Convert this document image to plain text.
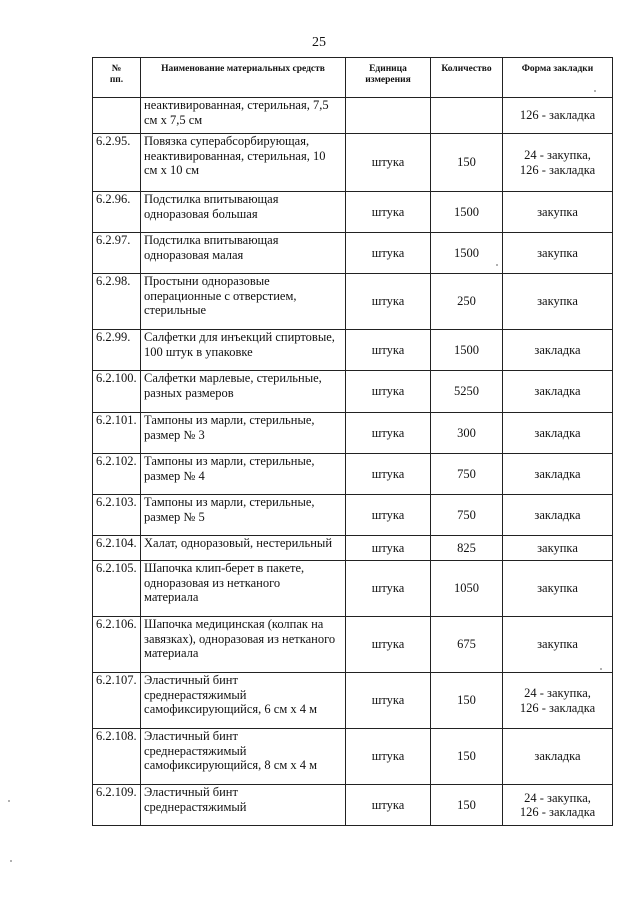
25
№
пп.	Наименование материальных средств	Единица
измерения	Количество	Форма закладки

	неактивированная, стерильная, 7,5
см х 7,5 см			126 - закладка

6.2.95.	Повязка суперабсорбирующая,
неактивированная, стерильная, 10
см х 10 см	штука	150	24 - закупка,
126 - закладка

6.2.96.	Подстилка впитывающая
одноразовая большая	штука	1500	закупка

6.2.97.	Подстилка впитывающая
одноразовая малая	штука	1500	закупка

6.2.98.	Простыни одноразовые
операционные с отверстием,
стерильные	штука	250	закупка

6.2.99.	Салфетки для инъекций спиртовые,
100 штук в упаковке	штука	1500	закладка

6.2.100.	Салфетки марлевые, стерильные,
разных размеров	штука	5250	закладка

6.2.101.	Тампоны из марли, стерильные,
размер № 3	штука	300	закладка

6.2.102.	Тампоны из марли, стерильные,
размер № 4	штука	750	закладка

6.2.103.	Тампоны из марли, стерильные,
размер № 5	штука	750	закладка

6.2.104.	Халат, одноразовый, нестерильный	штука	825	закупка

6.2.105.	Шапочка клип-берет в пакете,
одноразовая из нетканого
материала	штука	1050	закупка

6.2.106.	Шапочка медицинская (колпак на
завязках), одноразовая из нетканого
материала	штука	675	закупка

6.2.107.	Эластичный бинт
среднерастяжимый
самофиксирующийся, 6 см х 4 м	штука	150	24 - закупка,
126 - закладка

6.2.108.	Эластичный бинт
среднерастяжимый
самофиксирующийся, 8 см х 4 м	штука	150	закладка

6.2.109.	Эластичный бинт
среднерастяжимый	штука	150	24 - закупка,
126 - закладка
